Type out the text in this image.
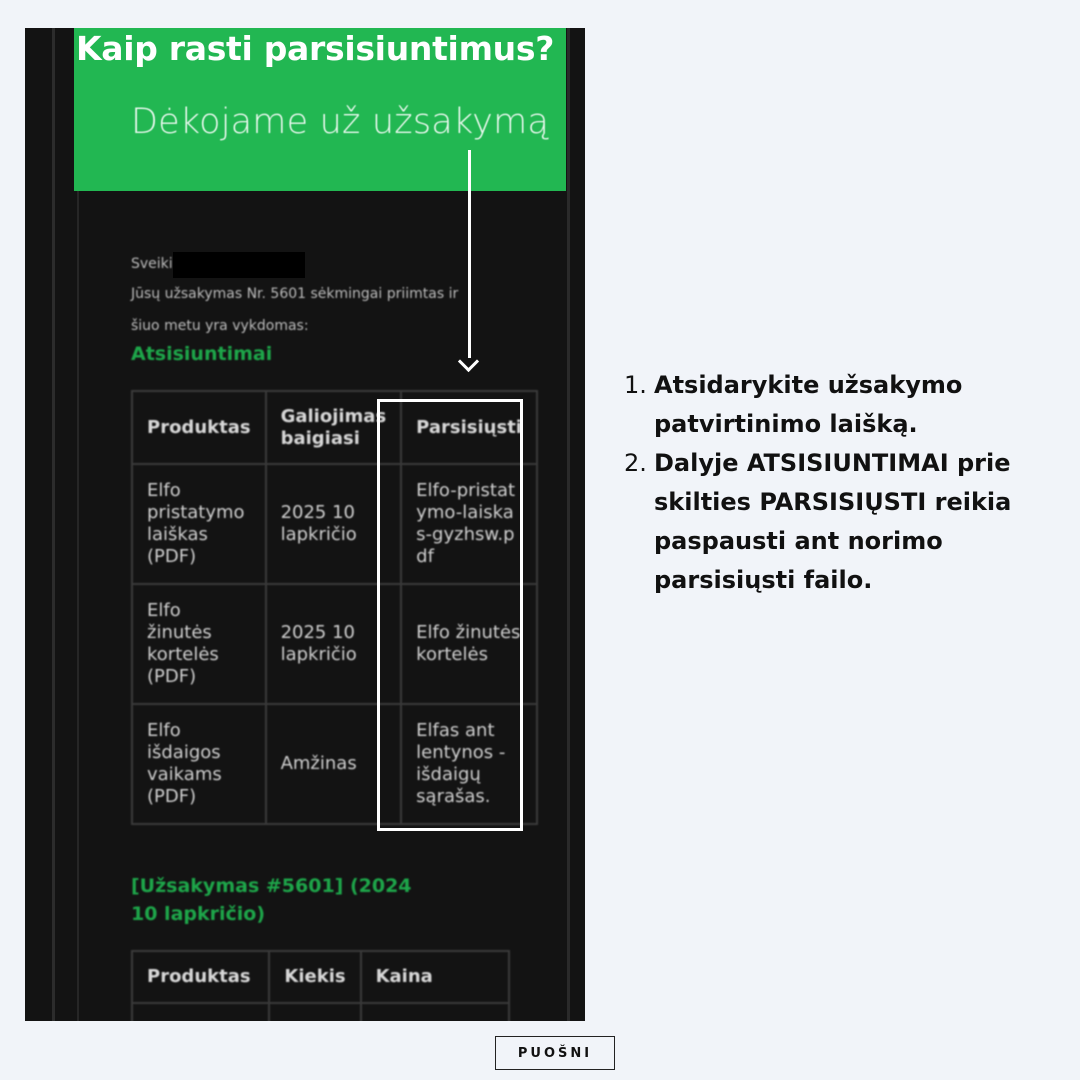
Dėkojame už užsakymą
Sveiki
Jūsų užsakymas Nr. 5601 sėkmingai priimtas ir
šiuo metu yra vykdomas:
Atsisiuntimai
Produktas	Galiojimas baigiasi	Parsisiųsti
Elfo pristatymo laiškas (PDF)	2025 10 lapkričio	Elfo-pristatymo-laiskas-gyzhsw.pdf
Elfo žinutės kortelės (PDF)	2025 10 lapkričio	Elfo žinutės kortelės
Elfo išdaigos vaikams (PDF)	Amžinas	Elfas ant lentynos - išdaigų sąrašas.
[Užsakymas #5601] (2024 10 lapkričio)
Produktas	Kiekis	Kaina

Kaip rasti parsisiuntimus?
1. Atsidarykite užsakymo patvirtinimo laišką.
2. Dalyje ATSISIUNTIMAI prie skilties PARSISIŲSTI reikia paspausti ant norimo parsisiųsti failo.
PUOŠNI
